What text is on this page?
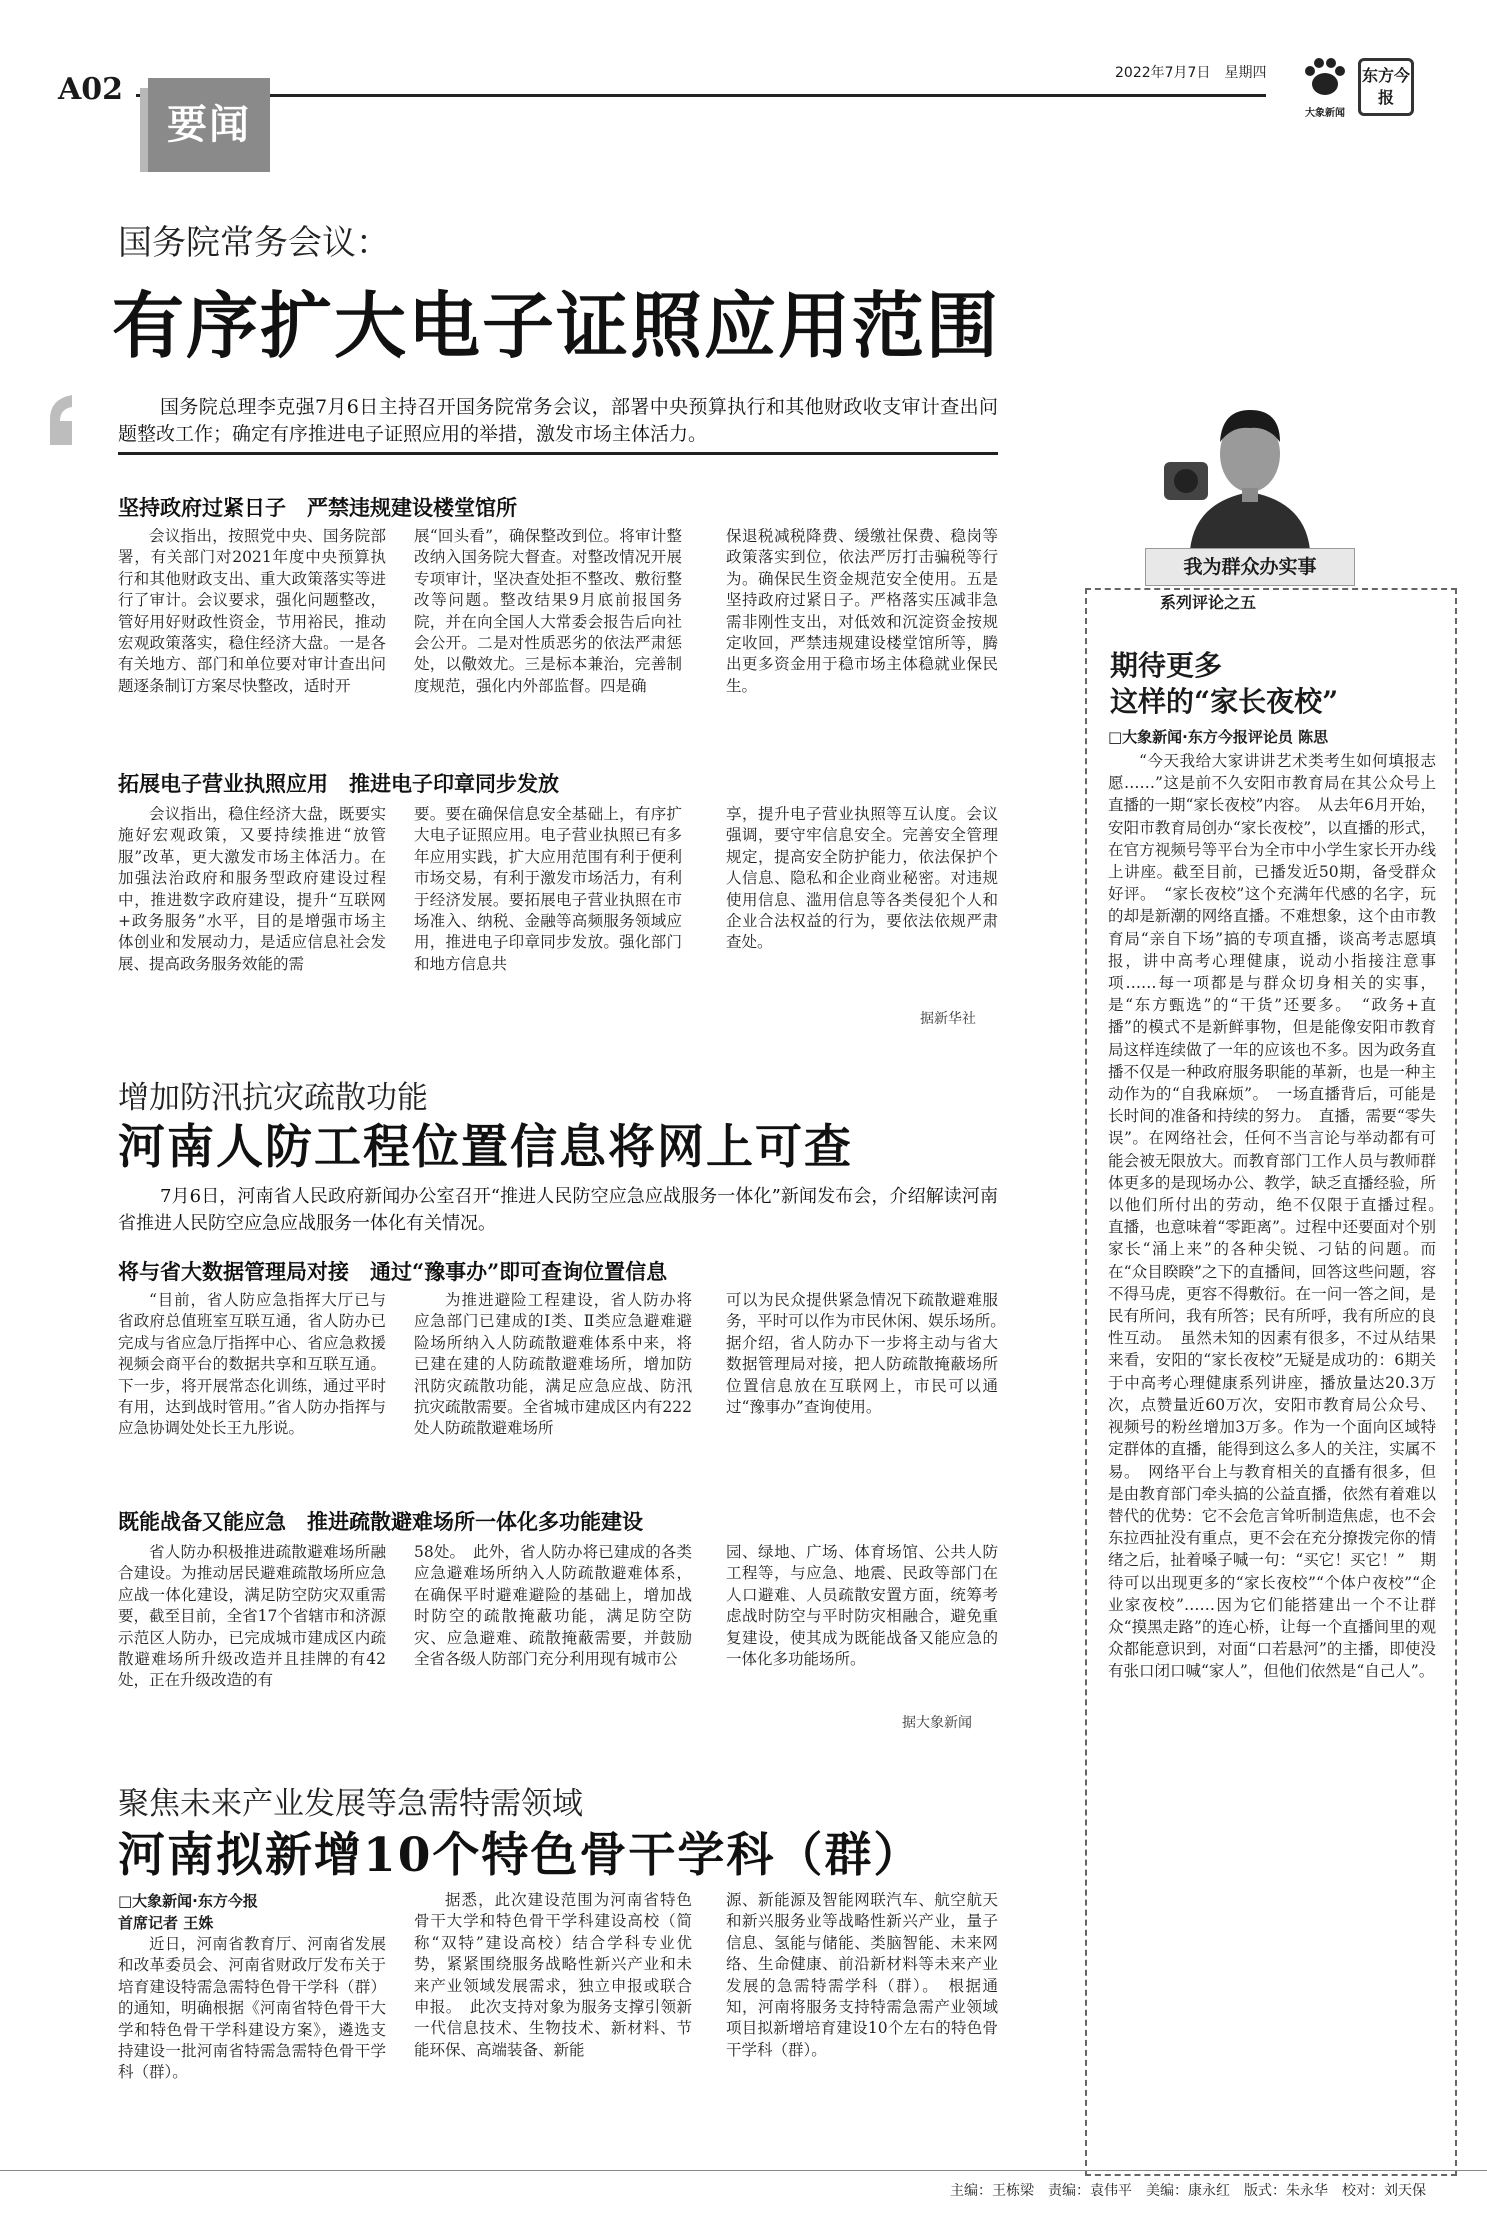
A02
要闻
2022年7月7日　星期四
大象新闻
东方今报
国务院常务会议：
有序扩大电子证照应用范围
国务院总理李克强7月6日主持召开国务院常务会议，部署中央预算执行和其他财政收支审计查出问题整改工作；确定有序推进电子证照应用的举措，激发市场主体活力。
坚持政府过紧日子　严禁违规建设楼堂馆所
会议指出，按照党中央、国务院部署，有关部门对2021年度中央预算执行和其他财政支出、重大政策落实等进行了审计。会议要求，强化问题整改，管好用好财政性资金，节用裕民，推动宏观政策落实，稳住经济大盘。一是各有关地方、部门和单位要对审计查出问题逐条制订方案尽快整改，适时开
展“回头看”，确保整改到位。将审计整改纳入国务院大督查。对整改情况开展专项审计，坚决查处拒不整改、敷衍整改等问题。整改结果9月底前报国务院，并在向全国人大常委会报告后向社会公开。二是对性质恶劣的依法严肃惩处，以儆效尤。三是标本兼治，完善制度规范，强化内外部监督。四是确
保退税减税降费、缓缴社保费、稳岗等政策落实到位，依法严厉打击骗税等行为。确保民生资金规范安全使用。五是坚持政府过紧日子。严格落实压减非急需非刚性支出，对低效和沉淀资金按规定收回，严禁违规建设楼堂馆所等，腾出更多资金用于稳市场主体稳就业保民生。
拓展电子营业执照应用　推进电子印章同步发放
会议指出，稳住经济大盘，既要实施好宏观政策，又要持续推进“放管服”改革，更大激发市场主体活力。在加强法治政府和服务型政府建设过程中，推进数字政府建设，提升“互联网+政务服务”水平，目的是增强市场主体创业和发展动力，是适应信息社会发展、提高政务服务效能的需
要。要在确保信息安全基础上，有序扩大电子证照应用。电子营业执照已有多年应用实践，扩大应用范围有利于便利市场交易，有利于激发市场活力，有利于经济发展。要拓展电子营业执照在市场准入、纳税、金融等高频服务领域应用，推进电子印章同步发放。强化部门和地方信息共
享，提升电子营业执照等互认度。会议强调，要守牢信息安全。完善安全管理规定，提高安全防护能力，依法保护个人信息、隐私和企业商业秘密。对违规使用信息、滥用信息等各类侵犯个人和企业合法权益的行为，要依法依规严肃查处。
据新华社
我为群众办实事
系列评论之五
期待更多
这样的“家长夜校”
□大象新闻·东方今报评论员 陈思
“今天我给大家讲讲艺术类考生如何填报志愿……”这是前不久安阳市教育局在其公众号上直播的一期“家长夜校”内容。　从去年6月开始，安阳市教育局创办“家长夜校”，以直播的形式，在官方视频号等平台为全市中小学生家长开办线上讲座。截至目前，已播发近50期，备受群众好评。　“家长夜校”这个充满年代感的名字，玩的却是新潮的网络直播。不难想象，这个由市教育局“亲自下场”搞的专项直播，谈高考志愿填报，讲中高考心理健康，说动小指接注意事项……每一项都是与群众切身相关的实事，是“东方甄选”的“干货”还要多。　“政务+直播”的模式不是新鲜事物，但是能像安阳市教育局这样连续做了一年的应该也不多。因为政务直播不仅是一种政府服务职能的革新，也是一种主动作为的“自我麻烦”。　一场直播背后，可能是长时间的准备和持续的努力。　直播，需要“零失误”。在网络社会，任何不当言论与举动都有可能会被无限放大。而教育部门工作人员与教师群体更多的是现场办公、教学，缺乏直播经验，所以他们所付出的劳动，绝不仅限于直播过程。　直播，也意味着“零距离”。过程中还要面对个别家长“涌上来”的各种尖锐、刁钻的问题。而在“众目睽睽”之下的直播间，回答这些问题，容不得马虎，更容不得敷衍。在一问一答之间，是民有所问，我有所答；民有所呼，我有所应的良性互动。　虽然未知的因素有很多，不过从结果来看，安阳的“家长夜校”无疑是成功的：6期关于中高考心理健康系列讲座，播放量达20.3万次，点赞量近60万次，安阳市教育局公众号、视频号的粉丝增加3万多。作为一个面向区域特定群体的直播，能得到这么多人的关注，实属不易。　网络平台上与教育相关的直播有很多，但是由教育部门牵头搞的公益直播，依然有着难以替代的优势：它不会危言耸听制造焦虑，也不会东拉西扯没有重点，更不会在充分撩拨完你的情绪之后，扯着嗓子喊一句：“买它！买它！”　期待可以出现更多的“家长夜校”“个体户夜校”“企业家夜校”……因为它们能搭建出一个不让群众“摸黑走路”的连心桥，让每一个直播间里的观众都能意识到，对面“口若悬河”的主播，即使没有张口闭口喊“家人”，但他们依然是“自己人”。
增加防汛抗灾疏散功能
河南人防工程位置信息将网上可查
7月6日，河南省人民政府新闻办公室召开“推进人民防空应急应战服务一体化”新闻发布会，介绍解读河南省推进人民防空应急应战服务一体化有关情况。
将与省大数据管理局对接　通过“豫事办”即可查询位置信息
“目前，省人防应急指挥大厅已与省政府总值班室互联互通，省人防办已完成与省应急厅指挥中心、省应急救援视频会商平台的数据共享和互联互通。下一步，将开展常态化训练，通过平时有用，达到战时管用。”省人防办指挥与应急协调处处长王九彤说。
为推进避险工程建设，省人防办将应急部门已建成的Ⅰ类、Ⅱ类应急避难避险场所纳入人防疏散避难体系中来，将已建在建的人防疏散避难场所，增加防汛防灾疏散功能，满足应急应战、防汛抗灾疏散需要。全省城市建成区内有222处人防疏散避难场所
可以为民众提供紧急情况下疏散避难服务，平时可以作为市民休闲、娱乐场所。　据介绍，省人防办下一步将主动与省大数据管理局对接，把人防疏散掩蔽场所位置信息放在互联网上，市民可以通过“豫事办”查询使用。
既能战备又能应急　推进疏散避难场所一体化多功能建设
省人防办积极推进疏散避难场所融合建设。为推动居民避难疏散场所应急应战一体化建设，满足防空防灾双重需要，截至目前，全省17个省辖市和济源示范区人防办，已完成城市建成区内疏散避难场所升级改造并且挂牌的有42处，正在升级改造的有
58处。　此外，省人防办将已建成的各类应急避难场所纳入人防疏散避难体系，在确保平时避难避险的基础上，增加战时防空的疏散掩蔽功能，满足防空防灾、应急避难、疏散掩蔽需要，并鼓励全省各级人防部门充分利用现有城市公
园、绿地、广场、体育场馆、公共人防工程等，与应急、地震、民政等部门在人口避难、人员疏散安置方面，统筹考虑战时防空与平时防灾相融合，避免重复建设，使其成为既能战备又能应急的一体化多功能场所。
据大象新闻
聚焦未来产业发展等急需特需领域
河南拟新增10个特色骨干学科（群）
□大象新闻·东方今报
首席记者 王姝
近日，河南省教育厅、河南省发展和改革委员会、河南省财政厅发布关于培育建设特需急需特色骨干学科（群）的通知，明确根据《河南省特色骨干大学和特色骨干学科建设方案》，遴选支持建设一批河南省特需急需特色骨干学科（群）。
据悉，此次建设范围为河南省特色骨干大学和特色骨干学科建设高校（简称“双特”建设高校）结合学科专业优势，紧紧围绕服务战略性新兴产业和未来产业领域发展需求，独立申报或联合申报。　此次支持对象为服务支撑引领新一代信息技术、生物技术、新材料、节能环保、高端装备、新能
源、新能源及智能网联汽车、航空航天和新兴服务业等战略性新兴产业，量子信息、氢能与储能、类脑智能、未来网络、生命健康、前沿新材料等未来产业发展的急需特需学科（群）。　根据通知，河南将服务支持特需急需产业领域项目拟新增培育建设10个左右的特色骨干学科（群）。
主编：王栋梁　责编：袁伟平　美编：康永红　版式：朱永华　校对：刘天保
